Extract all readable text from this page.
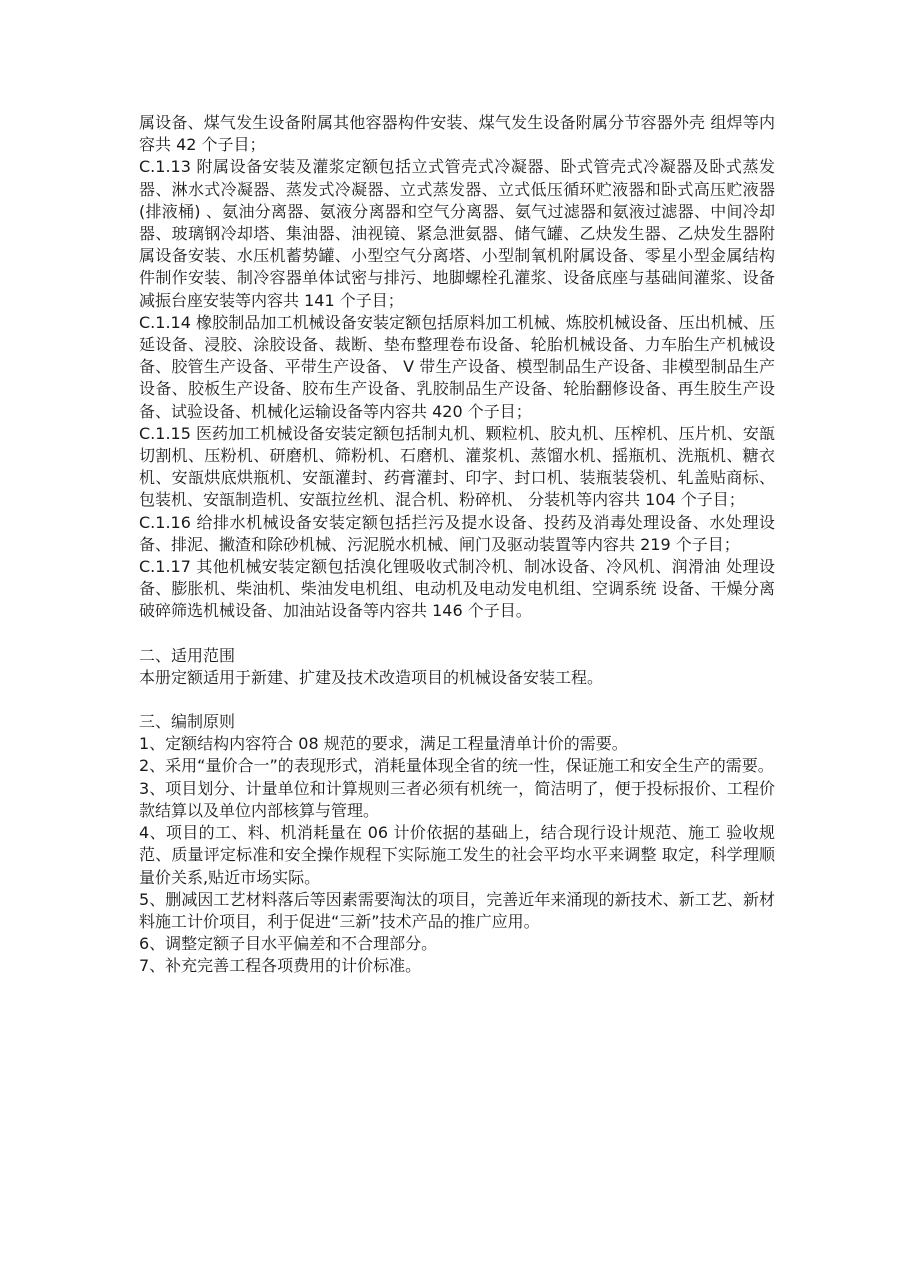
属设备、煤气发生设备附属其他容器构件安装、煤气发生设备附属分节容器外壳 组焊等内容共 42 个子目；

C.1.13 附属设备安装及灌浆定额包括立式管壳式冷凝器、卧式管壳式冷凝器及卧式蒸发器、淋水式冷凝器、蒸发式冷凝器、立式蒸发器、立式低压循环贮液器和卧式高压贮液器 (排液桶) 、氨油分离器、氨液分离器和空气分离器、氨气过滤器和氨液过滤器、中间冷却器、玻璃钢冷却塔、集油器、油视镜、紧急泄氨器、储气罐、乙炔发生器、乙炔发生器附属设备安装、水压机蓄势罐、小型空气分离塔、小型制氧机附属设备、零星小型金属结构件制作安装、制冷容器单体试密与排污、地脚螺栓孔灌浆、设备底座与基础间灌浆、设备减振台座安装等内容共 141 个子目；

C.1.14 橡胶制品加工机械设备安装定额包括原料加工机械、炼胶机械设备、压出机械、压延设备、浸胶、涂胶设备、裁断、垫布整理卷布设备、轮胎机械设备、力车胎生产机械设备、胶管生产设备、平带生产设备、 V 带生产设备、模型制品生产设备、非模型制品生产设备、胶板生产设备、胶布生产设备、乳胶制品生产设备、轮胎翻修设备、再生胶生产设备、试验设备、机械化运输设备等内容共 420 个子目；

C.1.15 医药加工机械设备安装定额包括制丸机、颗粒机、胶丸机、压榨机、压片机、安瓿切割机、压粉机、研磨机、筛粉机、石磨机、灌浆机、蒸馏水机、摇瓶机、洗瓶机、糖衣机、安瓿烘底烘瓶机、安瓿灌封、药膏灌封、印字、封口机、装瓶装袋机、轧盖贴商标、包装机、安瓿制造机、安瓿拉丝机、混合机、粉碎机、 分装机等内容共 104 个子目；

C.1.16 给排水机械设备安装定额包括拦污及提水设备、投药及消毒处理设备、水处理设备、排泥、撇渣和除砂机械、污泥脱水机械、闸门及驱动装置等内容共 219 个子目；

C.1.17 其他机械安装定额包括溴化锂吸收式制冷机、制冰设备、冷风机、润滑油 处理设备、膨胀机、柴油机、柴油发电机组、电动机及电动发电机组、空调系统 设备、干燥分离破碎筛选机械设备、加油站设备等内容共 146 个子目。

二、适用范围

本册定额适用于新建、扩建及技术改造项目的机械设备安装工程。

三、编制原则

1、定额结构内容符合 08 规范的要求，满足工程量清单计价的需要。

2、采用“量价合一”的表现形式，消耗量体现全省的统一性，保证施工和安全生产的需要。

3、项目划分、计量单位和计算规则三者必须有机统一，简洁明了，便于投标报价、工程价款结算以及单位内部核算与管理。

4、项目的工、料、机消耗量在 06 计价依据的基础上，结合现行设计规范、施工 验收规范、质量评定标准和安全操作规程下实际施工发生的社会平均水平来调整 取定，科学理顺量价关系,贴近市场实际。

5、删减因工艺材料落后等因素需要淘汰的项目，完善近年来涌现的新技术、新工艺、新材料施工计价项目，利于促进“三新”技术产品的推广应用。

6、调整定额子目水平偏差和不合理部分。

7、补充完善工程各项费用的计价标准。
